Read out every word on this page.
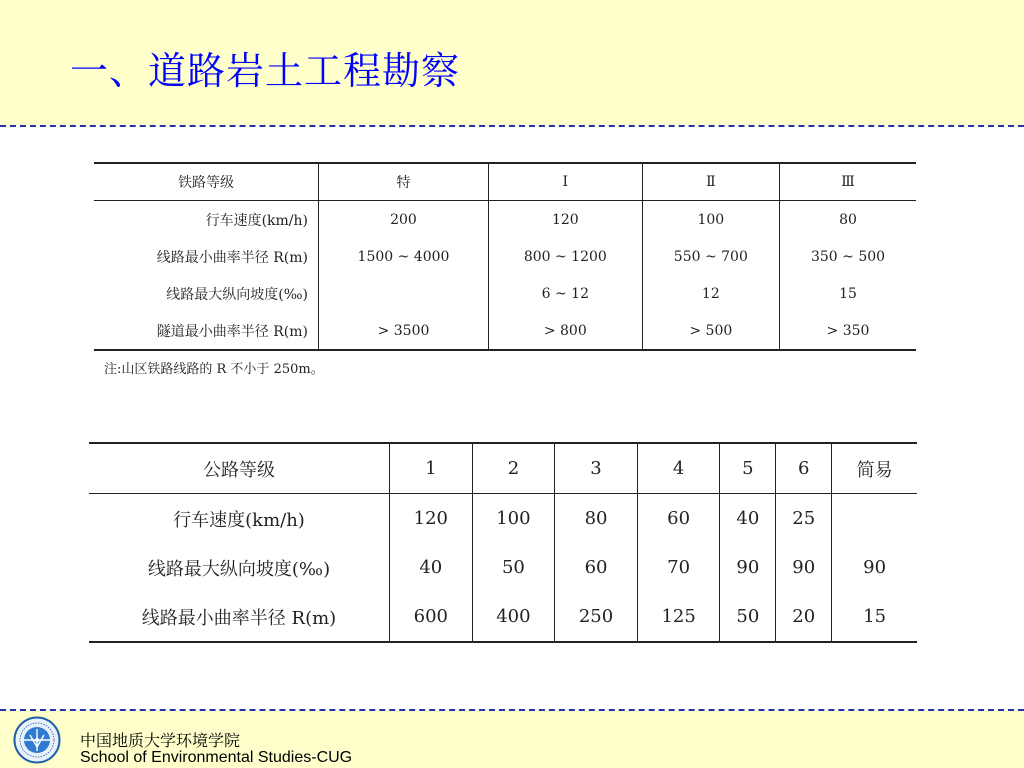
一、道路岩土工程勘察
铁路等级	特	Ⅰ	Ⅱ	Ⅲ
行车速度(km/h)	200	120	100	80
线路最小曲率半径 R(m)	1500 ~ 4000	800 ~ 1200	550 ~ 700	350 ~ 500
线路最大纵向坡度(‰)		6 ~ 12	12	15
隧道最小曲率半径 R(m)	> 3500	> 800	> 500	> 350
注:山区铁路线路的 R 不小于 250m。
公路等级	1	2	3	4	5	6	简易
行车速度(km/h)	120	100	80	60	40	25	
线路最大纵向坡度(‰)	40	50	60	70	90	90	90
线路最小曲率半径 R(m)	600	400	250	125	50	20	15
中国地质大学环境学院
School of Environmental Studies-CUG
